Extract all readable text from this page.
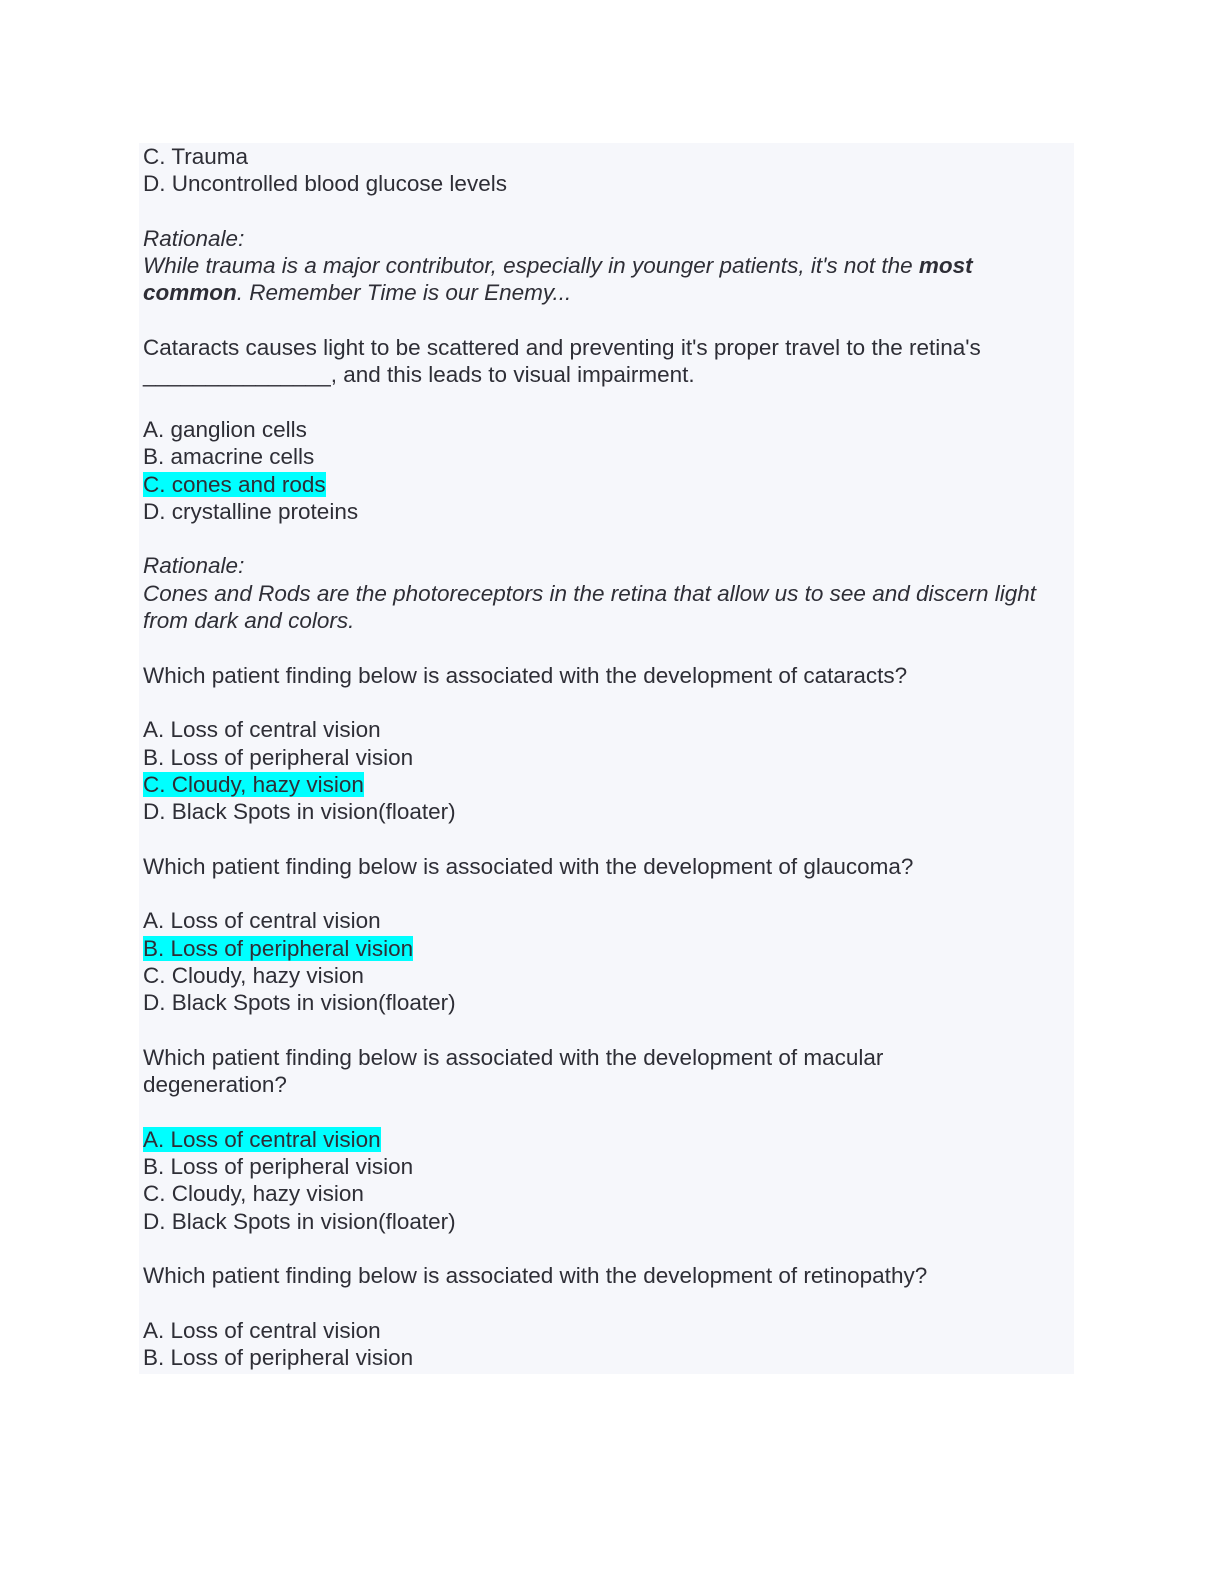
C. Trauma
D. Uncontrolled blood glucose levels
Rationale:
While trauma is a major contributor, especially in younger patients, it's not the most common. Remember Time is our Enemy...
Cataracts causes light to be scattered and preventing it's proper travel to the retina's
_______________, and this leads to visual impairment.
A. ganglion cells
B. amacrine cells
C. cones and rods
D. crystalline proteins
Rationale:
Cones and Rods are the photoreceptors in the retina that allow us to see and discern light from dark and colors.
Which patient finding below is associated with the development of cataracts?
A. Loss of central vision
B. Loss of peripheral vision
C. Cloudy, hazy vision
D. Black Spots in vision(floater)
Which patient finding below is associated with the development of glaucoma?
A. Loss of central vision
B. Loss of peripheral vision
C. Cloudy, hazy vision
D. Black Spots in vision(floater)
Which patient finding below is associated with the development of macular degeneration?
A. Loss of central vision
B. Loss of peripheral vision
C. Cloudy, hazy vision
D. Black Spots in vision(floater)
Which patient finding below is associated with the development of retinopathy?
A. Loss of central vision
B. Loss of peripheral vision
